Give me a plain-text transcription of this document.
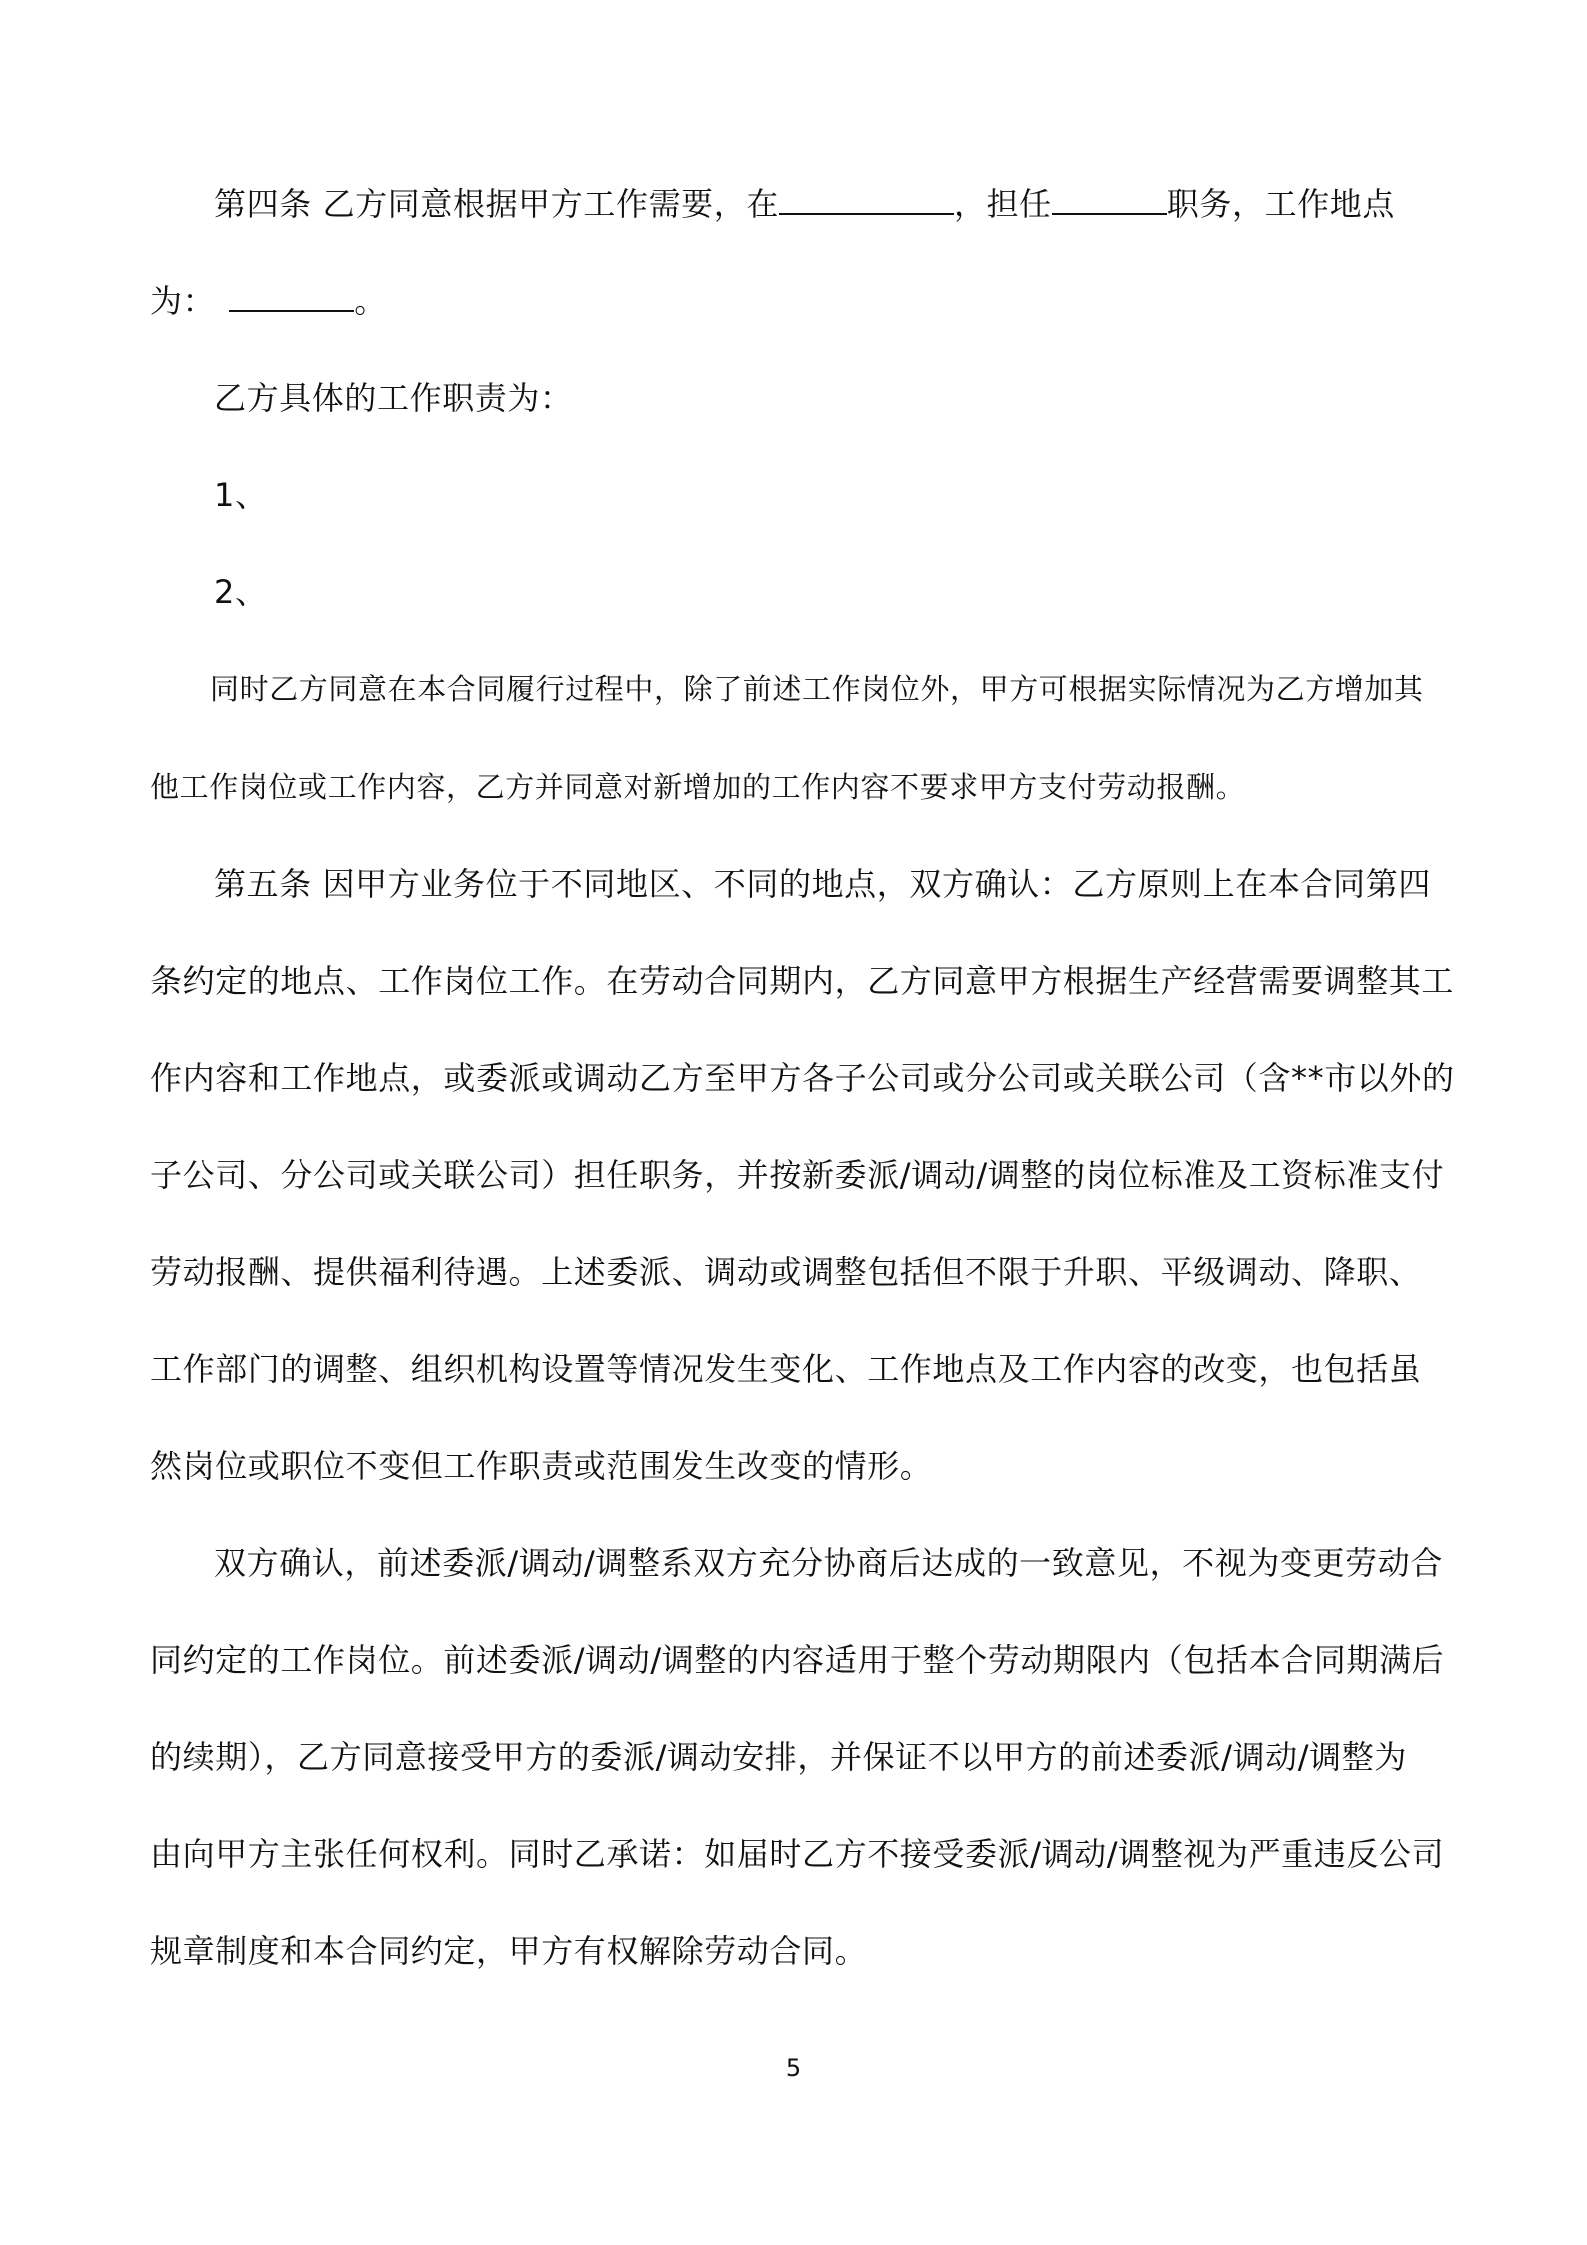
第四条 乙方同意根据甲方工作需要，在	，担任	职务，工作地点
为：	。
乙方具体的工作职责为：
1、
2、
同时乙方同意在本合同履行过程中，除了前述工作岗位外，甲方可根据实际情况为乙方增加其
他工作岗位或工作内容，乙方并同意对新增加的工作内容不要求甲方支付劳动报酬。
第五条 因甲方业务位于不同地区、不同的地点，双方确认：乙方原则上在本合同第四
条约定的地点、工作岗位工作。在劳动合同期内，乙方同意甲方根据生产经营需要调整其工
作内容和工作地点，或委派或调动乙方至甲方各子公司或分公司或关联公司（含**市以外的
子公司、分公司或关联公司）担任职务，并按新委派/调动/调整的岗位标准及工资标准支付
劳动报酬、提供福利待遇。上述委派、调动或调整包括但不限于升职、平级调动、降职、
工作部门的调整、组织机构设置等情况发生变化、工作地点及工作内容的改变，也包括虽
然岗位或职位不变但工作职责或范围发生改变的情形。
双方确认，前述委派/调动/调整系双方充分协商后达成的一致意见，不视为变更劳动合
同约定的工作岗位。前述委派/调动/调整的内容适用于整个劳动期限内（包括本合同期满后
的续期），乙方同意接受甲方的委派/调动安排，并保证不以甲方的前述委派/调动/调整为
由向甲方主张任何权利。同时乙承诺：如届时乙方不接受委派/调动/调整视为严重违反公司
规章制度和本合同约定，甲方有权解除劳动合同。
5
